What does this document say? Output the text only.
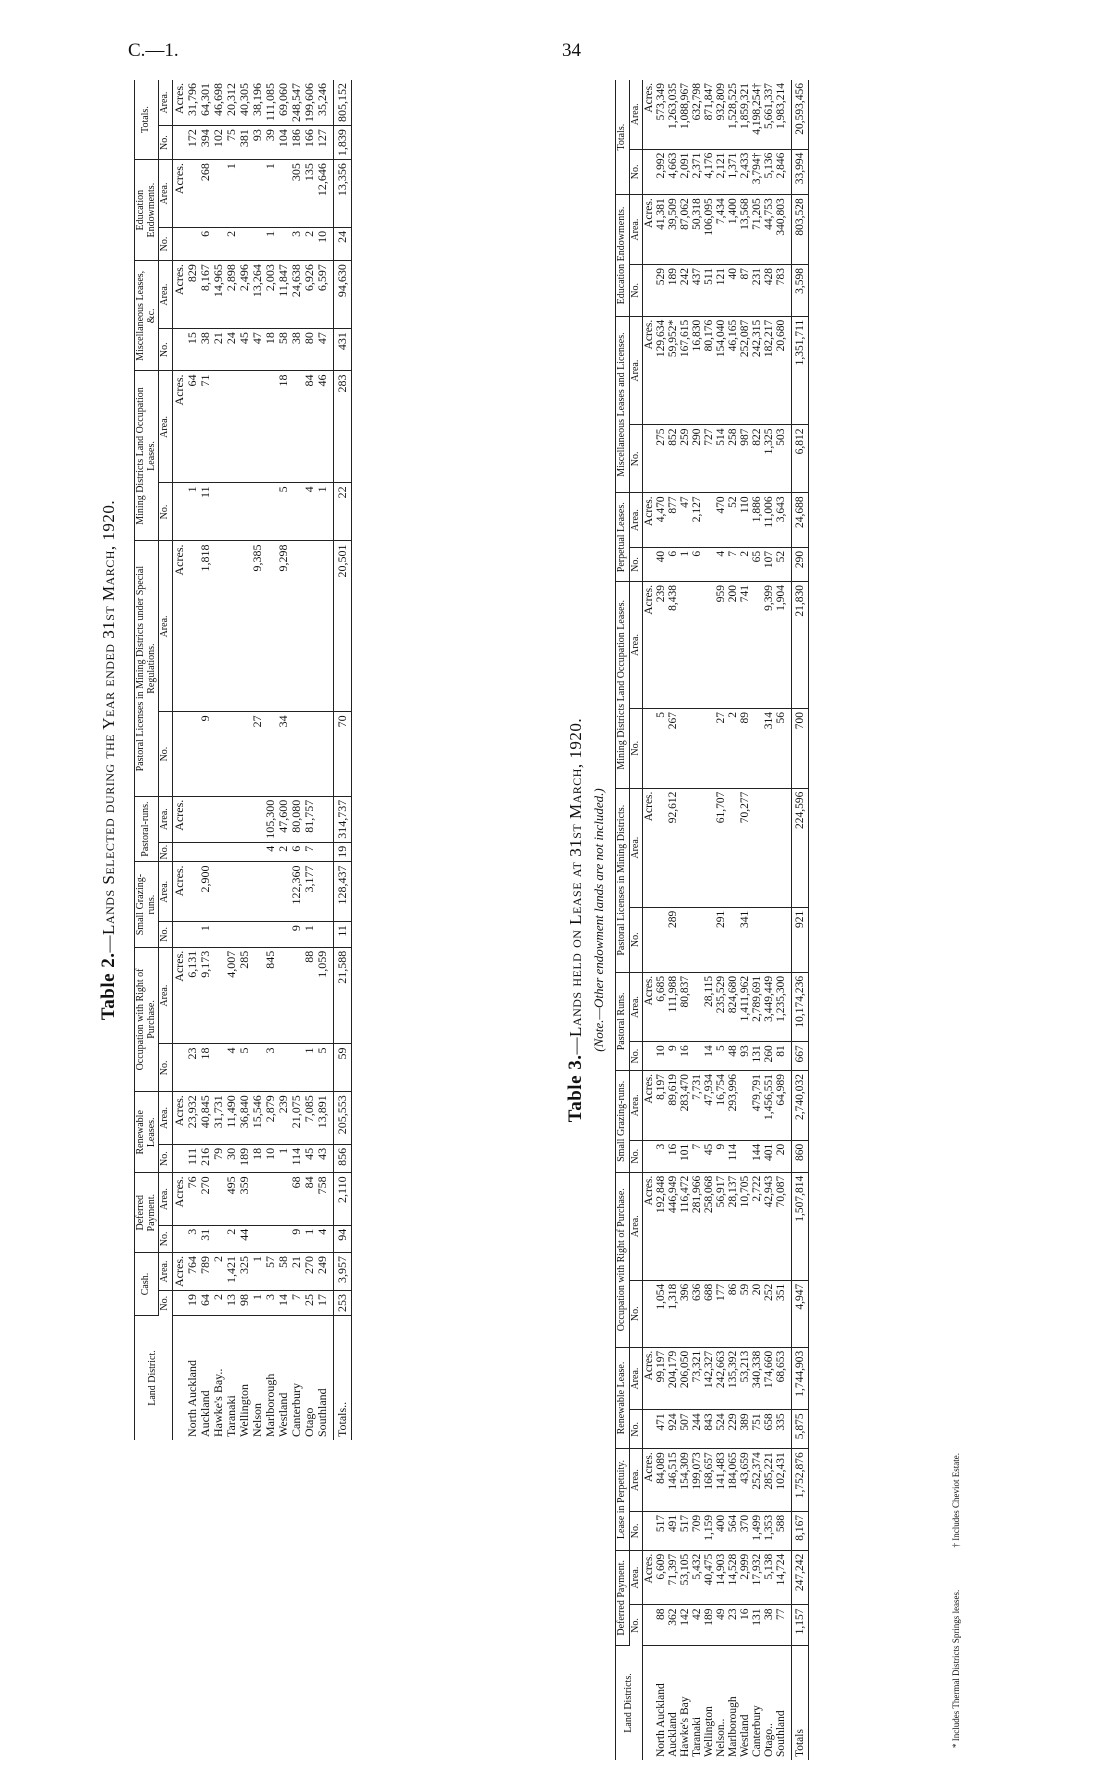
C.—1.	34
Table 2.—Lands Selected during the Year ended 31st March, 1920.
Land District.	Cash.		Deferred Payment.		Renewable Leases.		Occupation with Right of Purchase.		Small Grazing-runs.		Pastoral-runs.		Pastoral Licenses in Mining Districts under Special Regulations.		Mining Districts Land Occupation Leases.		Miscellaneous Leases, &c.		Education Endowments.		Totals.	
	No.	Area.	No.	Area.	No.	Area.	No.	Area.	No.	Area.	No.	Area.	No.	Area.	No.	Area.	No.	Area.	No.	Area.	No.	Area.
		Acres.		Acres.		Acres.		Acres.		Acres.		Acres.		Acres.		Acres.		Acres.		Acres.		Acres.
North Auckland	19	764	3	76	111	23,932	23	6,131							1	64	15	829			172	31,796
Auckland	64	789	31	270	216	40,845	18	9,173	1	2,900			9	1,818	11	71	38	8,167	6	268	394	64,301
Hawke's Bay..	2	2			79	31,731											21	14,965			102	46,698
Taranaki	13	1,421	2	495	30	11,490	4	4,007									24	2,898	2	1	75	20,312
Wellington	98	325	44	359	189	36,840	5	285									45	2,496			381	40,305
Nelson	1	1			18	15,546							27	9,385			47	13,264			93	38,196
Marlborough	3	57			10	2,879	3	845			4	105,300					18	2,003	1	1	39	111,085
Westland	14	58			1	239					2	47,600	34	9,298	5	18	58	11,847			104	69,060
Canterbury	7	21	9	68	114	21,075			9	122,360	6	80,080					38	24,638	3	305	186	248,547
Otago	25	270	1	84	45	7,085	1	88	1	3,177	7	81,757			4	84	80	6,926	2	135	166	199,606
Southland	17	249	4	758	43	13,891	5	1,059							1	46	47	6,597	10	12,646	127	35,246

Totals..	253	3,957	94	2,110	856	205,553	59	21,588	11	128,437	19	314,737	70	20,501	22	283	431	94,630	24	13,356	1,839	805,152
Table 3.—Lands held on Lease at 31st March, 1920. (Note.—Other endowment lands are not included.)
Land Districts.	Deferred Payment.		Lease in Perpetuity.		Renewable Lease.		Occupation with Right of Purchase.		Small Grazing-runs.		Pastoral Runs.		Pastoral Licenses in Mining Districts.		Mining Districts Land Occupation Leases.		Perpetual Leases.		Miscellaneous Leases and Licenses.		Education Endowments.		Totals.	
	No.	Area.	No.	Area.	No.	Area.	No.	Area.	No.	Area.	No.	Area.	No.	Area.	No.	Area.	No.	Area.	No.	Area.	No.	Area.	No.	Area.
		Acres.		Acres.		Acres.		Acres.		Acres.		Acres.		Acres.		Acres.		Acres.		Acres.		Acres.		Acres.
North Auckland	88	6,609	517	84,089	471	99,197	1,054	192,848	3	8,197	10	6,685			5	239	40	4,470	275	129,634	529	41,381	2,992	573,349
Auckland	362	71,397	491	146,515	924	204,179	1,318	446,949	16	89,619	9	111,988	289	92,612	267	8,438	6	877	852	59,952*	189	39,509	4,663	1,263,035
Hawke's Bay	142	53,105	517	154,309	507	206,050	396	116,472	101	283,470	16	80,837					1	47	259	167,615	242	87,062	2,091	1,088,967
Taranaki	42	5,432	709	199,073	244	73,321	636	281,966	7	7,731							6	2,127	290	16,830	437	50,318	2,371	632,798
Wellington	189	40,475	1,159	168,657	843	142,327	688	258,068	45	47,934	14	28,115							727	80,176	511	106,095	4,176	871,847
Nelson..	49	14,903	400	141,483	524	242,663	177	56,917	9	16,754	5	235,529	291	61,707	27	959	4	470	514	154,040	121	7,434	2,121	932,809
Marlborough	23	14,528	564	184,065	229	135,392	86	28,137	114	293,996	48	824,680			2	200	7	52	258	46,165	40	1,400	1,371	1,528,525
Westland	16	2,999	370	43,659	389	53,213	59	10,705			93	1,411,962	341	70,277	89	741	2	110	987	252,087	87	13,568	2,433	1,859,321
Canterbury	131	17,932	1,499	252,374	751	340,338	20	2,722	144	479,791	131	2,789,691					65	1,886	822	242,315	231	71,205	3,794†	4,198,254†
Otago..	38	5,138	1,353	285,221	658	174,660	252	42,943	401	1,456,551	260	3,449,449			314	9,399	107	11,006	1,325	182,217	428	44,753	5,136	5,661,337
Southland	77	14,724	588	102,431	335	68,653	351	70,087	20	64,989	81	1,235,300			56	1,904	52	3,643	503	20,680	783	340,803	2,846	1,983,214

Totals	1,157	247,242	8,167	1,752,876	5,875	1,744,903	4,947	1,507,814	860	2,740,032	667	10,174,236	921	224,596	700	21,830	290	24,688	6,812	1,351,711	3,598	803,528	33,994	20,593,456
* Includes Thermal Districts Springs leases. † Includes Cheviot Estate.
